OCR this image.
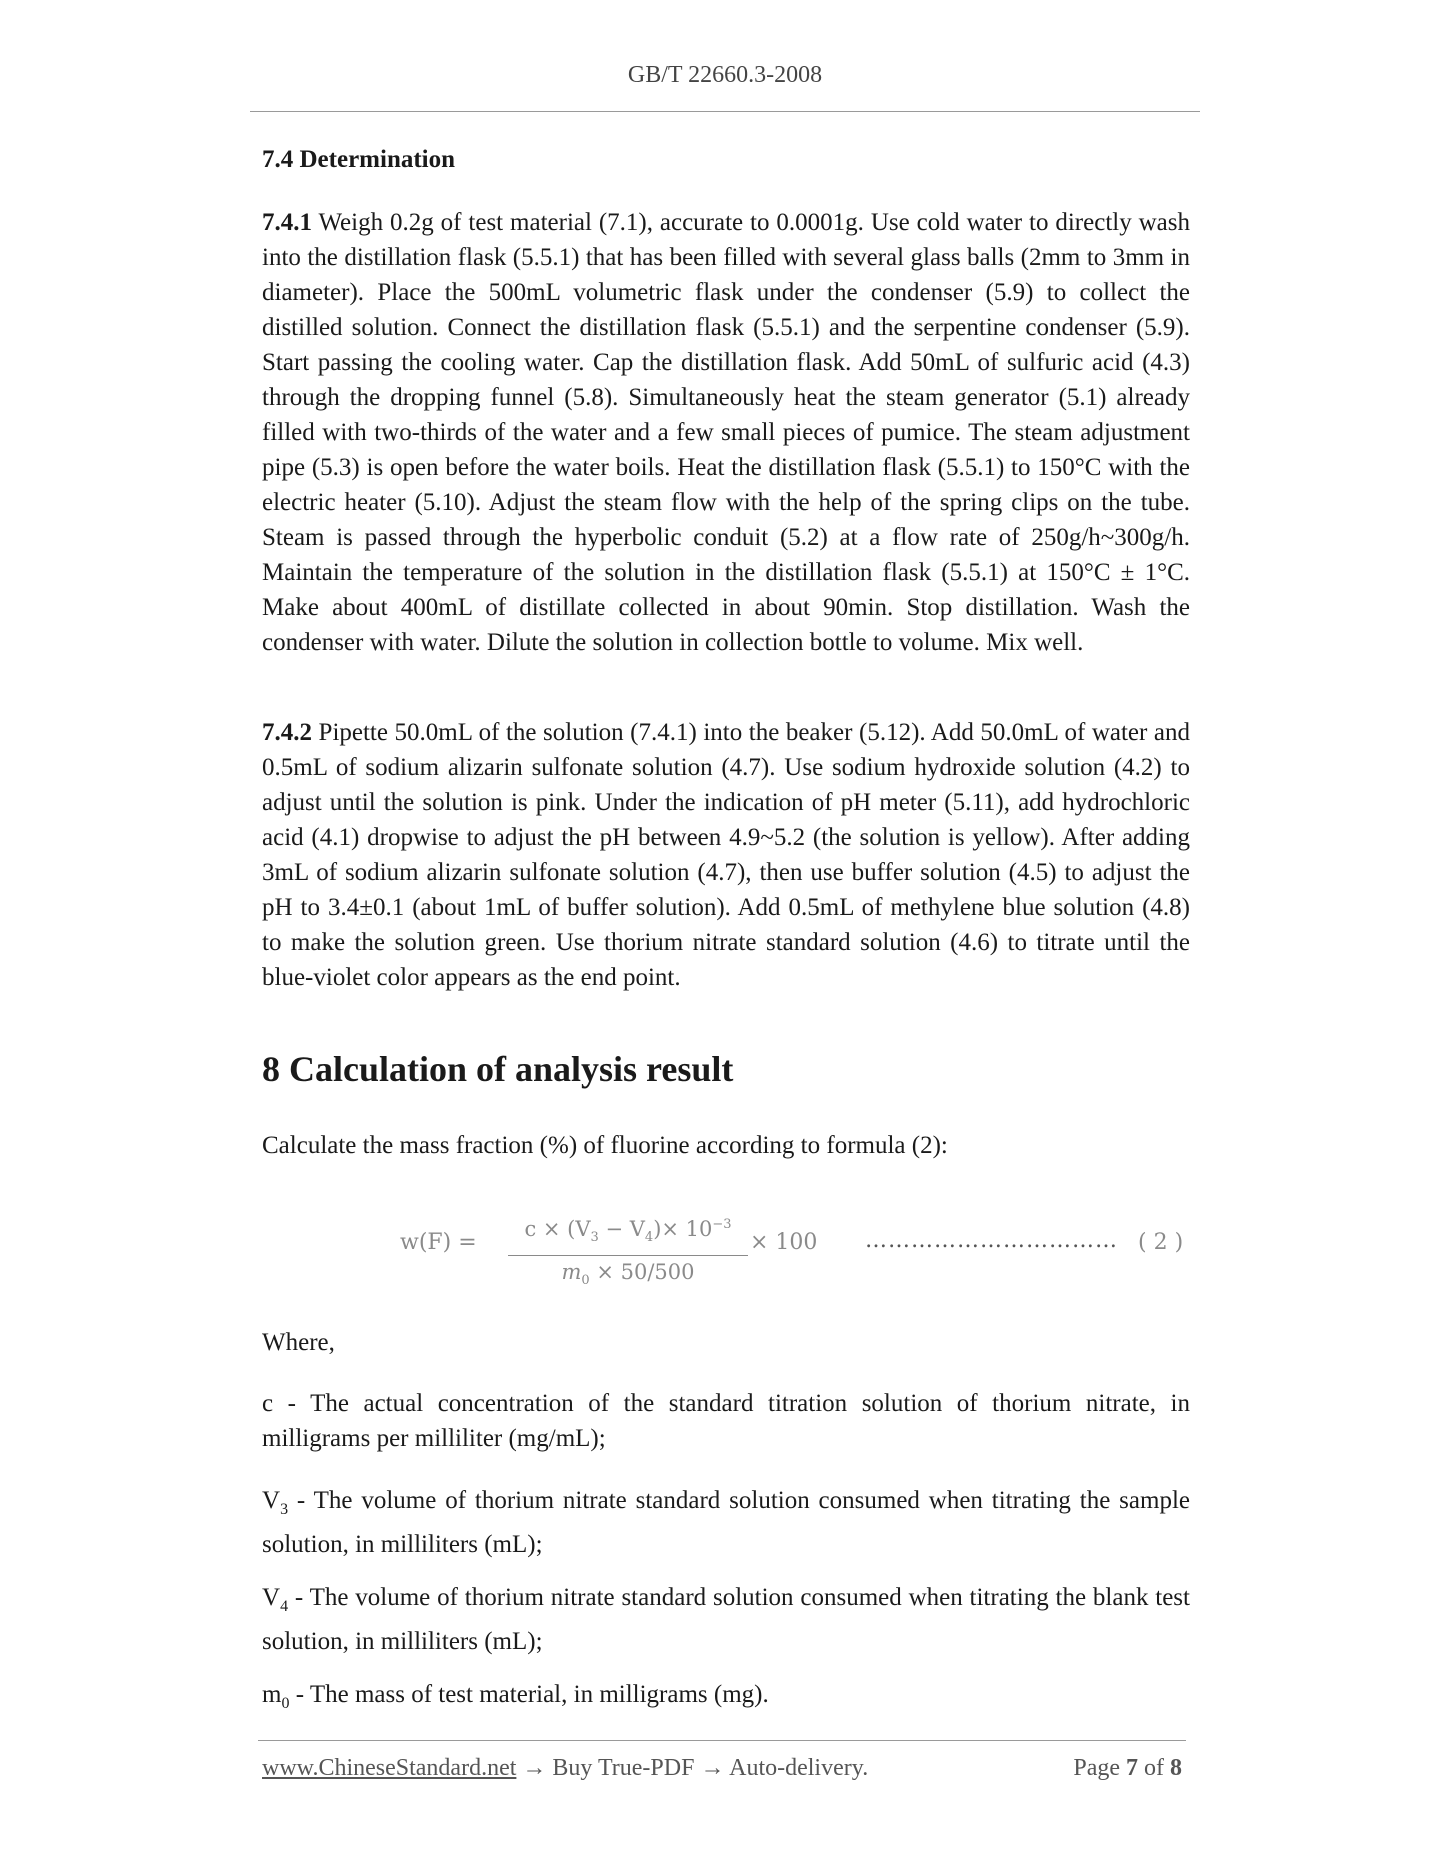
GB/T 22660.3-2008
7.4 Determination

7.4.1 Weigh 0.2g of test material (7.1), accurate to 0.0001g. Use cold water to directly wash into the distillation flask (5.5.1) that has been filled with several glass balls (2mm to 3mm in diameter). Place the 500mL volumetric flask under the condenser (5.9) to collect the distilled solution. Connect the distillation flask (5.5.1) and the serpentine condenser (5.9). Start passing the cooling water. Cap the distillation flask. Add 50mL of sulfuric acid (4.3) through the dropping funnel (5.8). Simultaneously heat the steam generator (5.1) already filled with two-thirds of the water and a few small pieces of pumice. The steam adjustment pipe (5.3) is open before the water boils. Heat the distillation flask (5.5.1) to 150°C with the electric heater (5.10). Adjust the steam flow with the help of the spring clips on the tube. Steam is passed through the hyperbolic conduit (5.2) at a flow rate of 250g/h~300g/h. Maintain the temperature of the solution in the distillation flask (5.5.1) at 150°C ± 1°C. Make about 400mL of distillate collected in about 90min. Stop distillation. Wash the condenser with water. Dilute the solution in collection bottle to volume. Mix well.

7.4.2 Pipette 50.0mL of the solution (7.4.1) into the beaker (5.12). Add 50.0mL of water and 0.5mL of sodium alizarin sulfonate solution (4.7). Use sodium hydroxide solution (4.2) to adjust until the solution is pink. Under the indication of pH meter (5.11), add hydrochloric acid (4.1) dropwise to adjust the pH between 4.9~5.2 (the solution is yellow). After adding 3mL of sodium alizarin sulfonate solution (4.7), then use buffer solution (4.5) to adjust the pH to 3.4±0.1 (about 1mL of buffer solution). Add 0.5mL of methylene blue solution (4.8) to make the solution green. Use thorium nitrate standard solution (4.6) to titrate until the blue-violet color appears as the end point.

8 Calculation of analysis result

Calculate the mass fraction (%) of fluorine according to formula (2):

w(F) =
$c \times (V_3 - V_4)\times 10^{-3}$
$m_0 \times 50/500$
× 100 …………………………… ( 2 )

Where,

c - The actual concentration of the standard titration solution of thorium nitrate, in milligrams per milliliter (mg/mL);

$V_3$ - The volume of thorium nitrate standard solution consumed when titrating the sample solution, in milliliters (mL);

$V_4$ - The volume of thorium nitrate standard solution consumed when titrating the blank test solution, in milliliters (mL);

$m_0$ - The mass of test material, in milligrams (mg).

www.ChineseStandard.net → Buy True-PDF → Auto-delivery.	Page 7 of 8
